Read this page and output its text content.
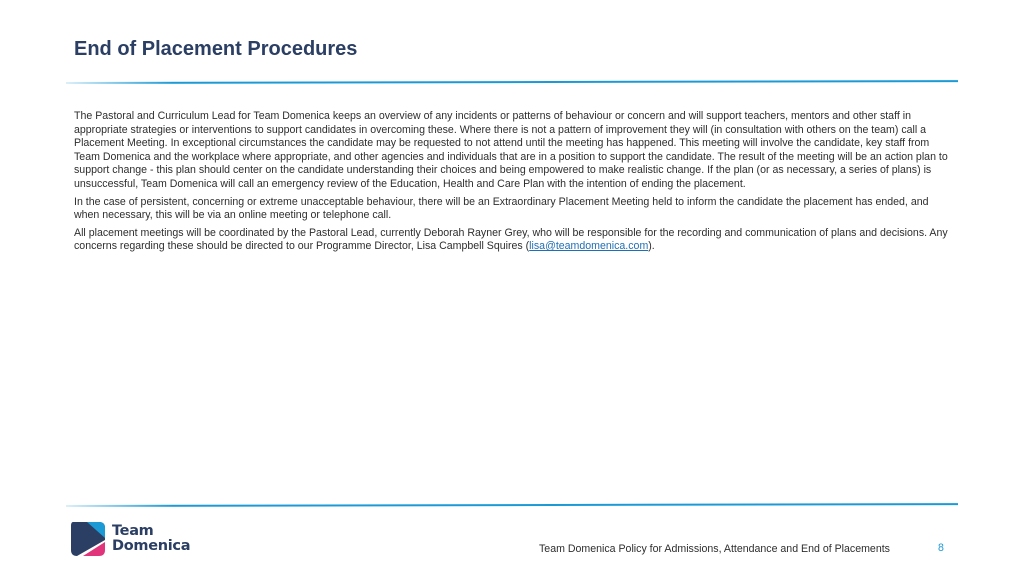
End of Placement Procedures

The Pastoral and Curriculum Lead for Team Domenica keeps an overview of any incidents or patterns of behaviour or concern and will support teachers, mentors and other staff in appropriate strategies or interventions to support candidates in overcoming these. Where there is not a pattern of improvement they will (in consultation with others on the team) call a Placement Meeting. In exceptional circumstances the candidate may be requested to not attend until the meeting has happened. This meeting will involve the candidate, key staff from Team Domenica and the workplace where appropriate, and other agencies and individuals that are in a position to support the candidate. The result of the meeting will be an action plan to support change - this plan should center on the candidate understanding their choices and being empowered to make realistic change. If the plan (or as necessary, a series of plans) is unsuccessful, Team Domenica will call an emergency review of the Education, Health and Care Plan with the intention of ending the placement.

In the case of persistent, concerning or extreme unacceptable behaviour, there will be an Extraordinary Placement Meeting held to inform the candidate the placement has ended, and when necessary, this will be via an online meeting or telephone call.

All placement meetings will be coordinated by the Pastoral Lead, currently Deborah Rayner Grey, who will be responsible for the recording and communication of plans and decisions. Any concerns regarding these should be directed to our Programme Director, Lisa Campbell Squires (lisa@teamdomenica.com).

Team
Domenica	Team Domenica Policy for Admissions, Attendance and End of Placements	8
